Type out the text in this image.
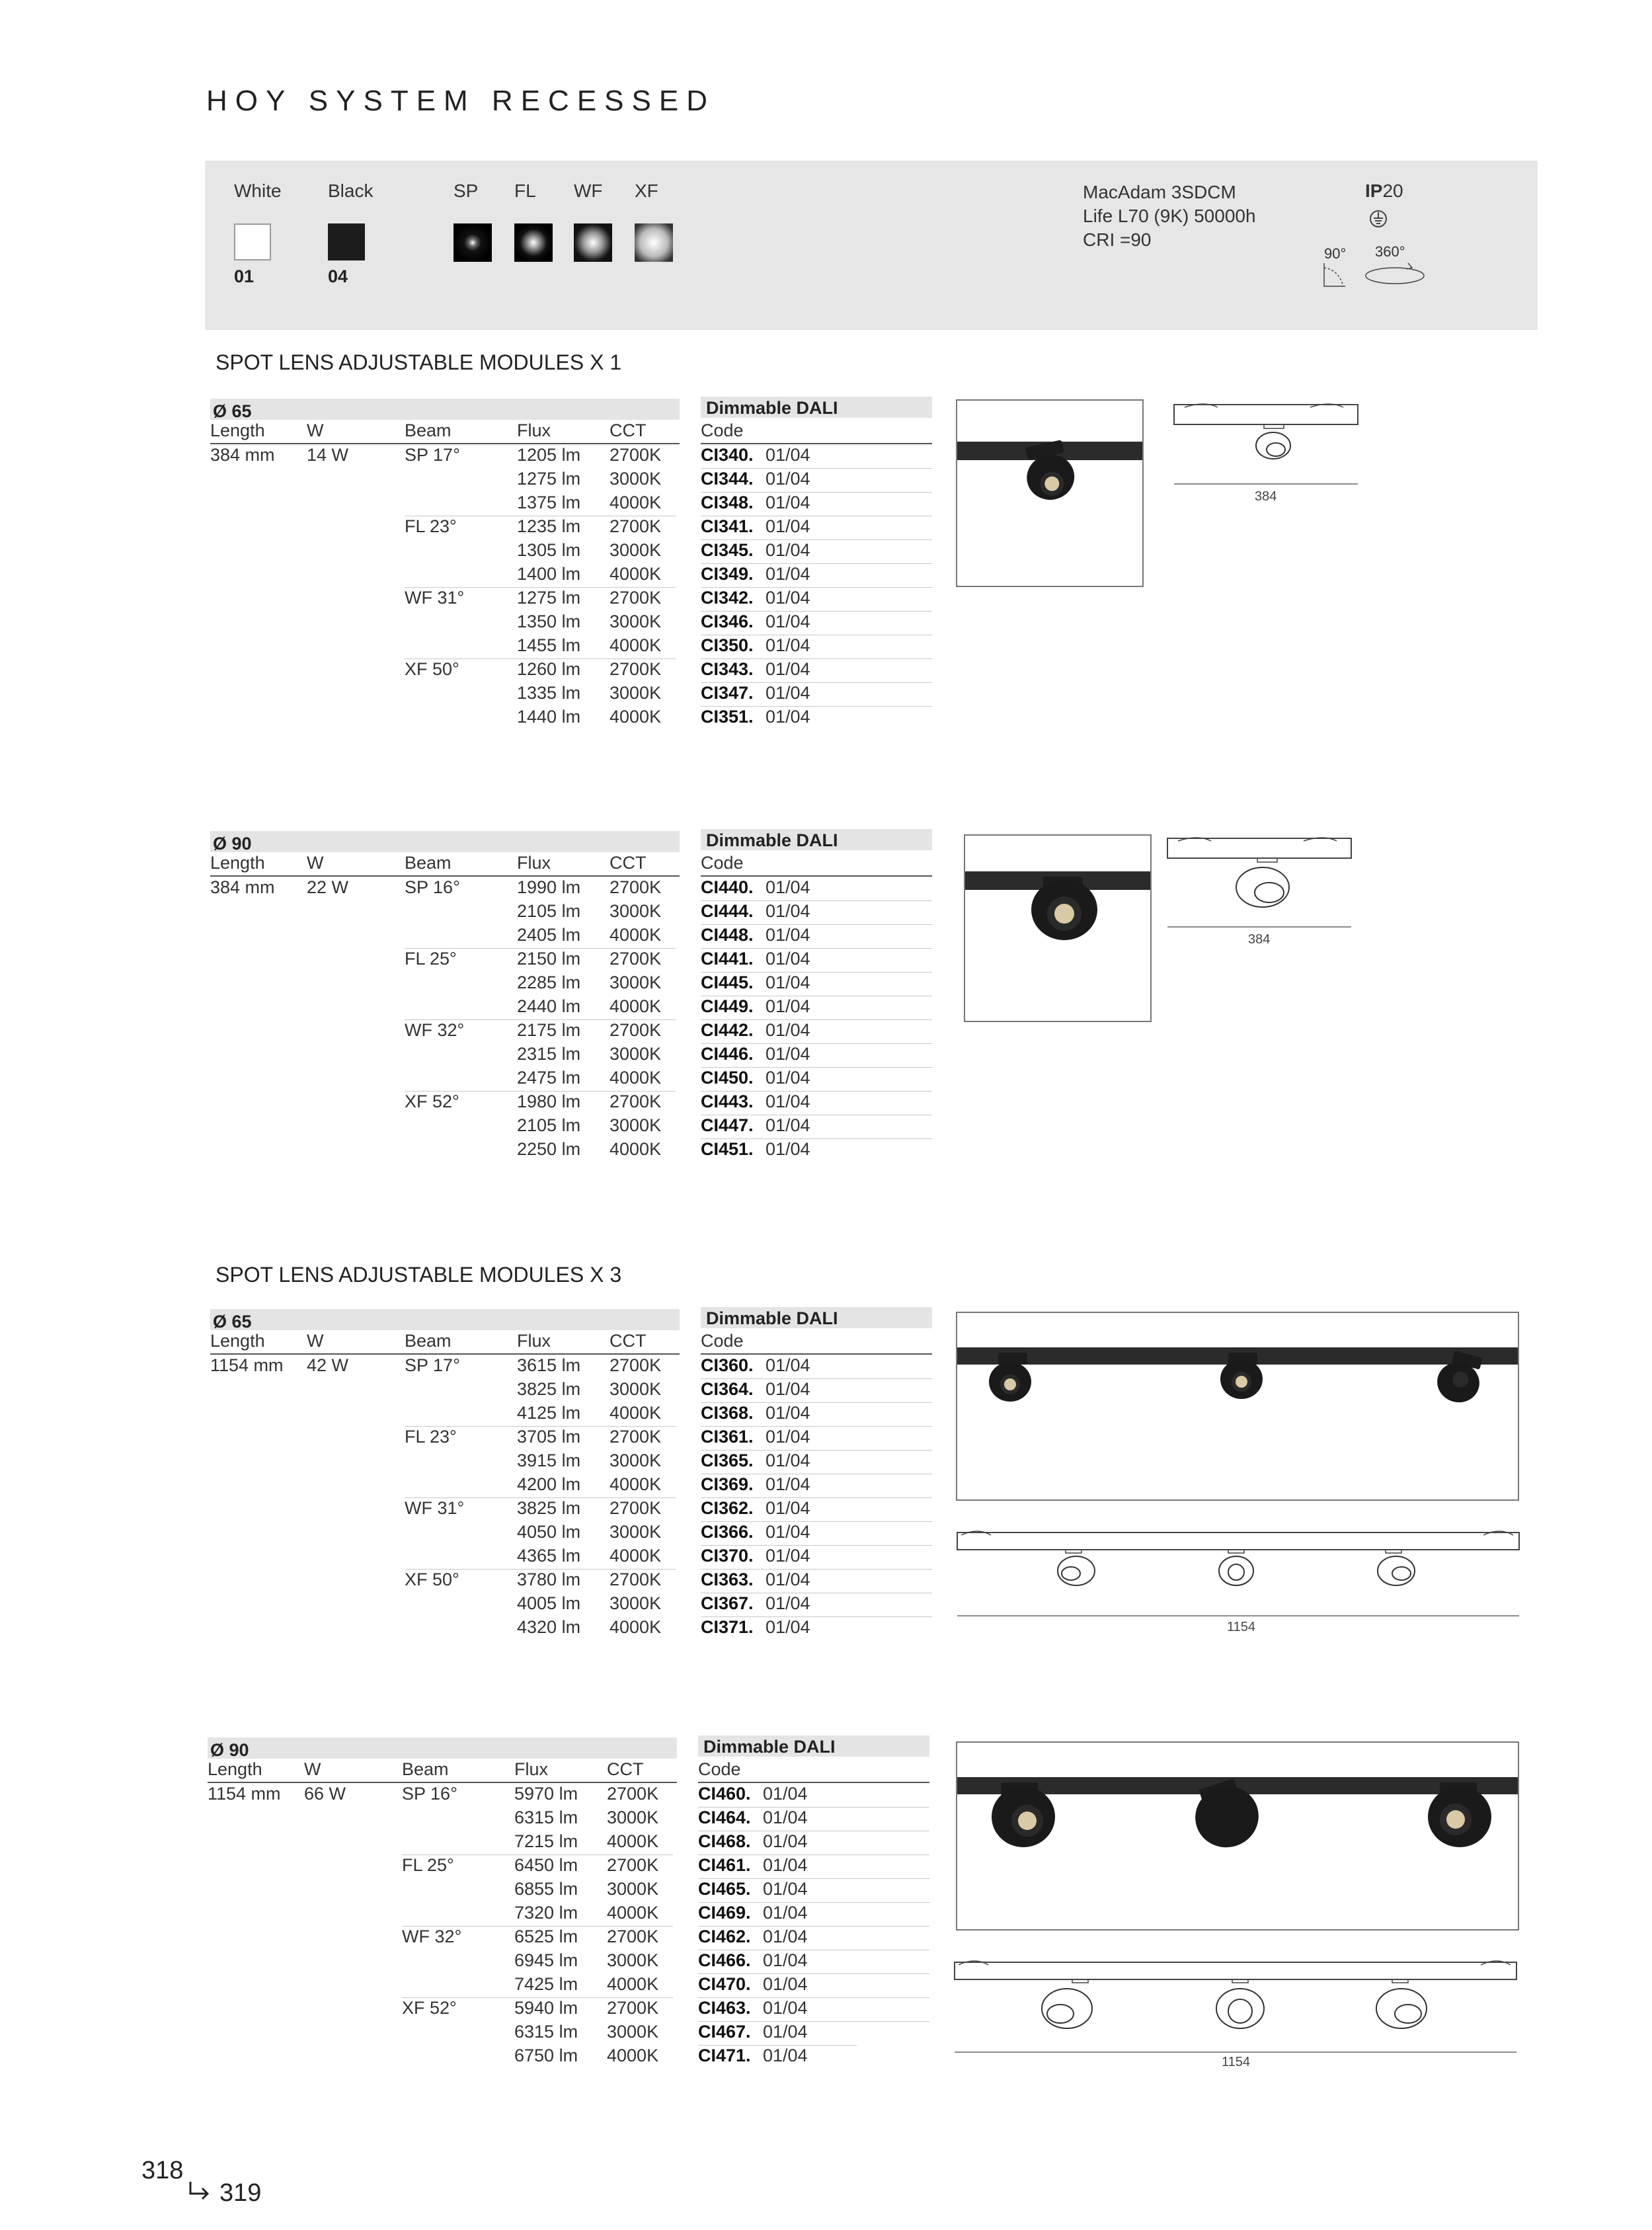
HOY SYSTEM RECESSED
White	Black
01	04
SP FL WF XF	MacAdam 3SDCM
Life L70 (9K) 50000h
CRI =90
IP20
90° 360°
SPOT LENS ADJUSTABLE MODULES X 1
SPOT LENS ADJUSTABLE MODULES X 3
Ø 65	Dimmable DALI
Length W	Beam	Flux	CCT	Code
384 mm 14 W	SP 17°	1205 lm 2700K CI340. 01/04
1275 lm 3000K CI344. 01/04
1375 lm 4000K CI348. 01/04
FL 23°	1235 lm 2700K CI341. 01/04
1305 lm 3000K CI345. 01/04
1400 lm 4000K CI349. 01/04
WF 31°	1275 lm 2700K CI342. 01/04
1350 lm 3000K CI346. 01/04
1455 lm 4000K CI350. 01/04
XF 50°	1260 lm 2700K CI343. 01/04
1335 lm 3000K CI347. 01/04
1440 lm 4000K CI351. 01/04
Ø 90	Dimmable DALI
Length W	Beam	Flux	CCT	Code
384 mm 22 W	SP 16°	1990 lm 2700K CI440. 01/04
2105 lm 3000K CI444. 01/04
2405 lm 4000K CI448. 01/04
FL 25°	2150 lm 2700K CI441. 01/04
2285 lm 3000K CI445. 01/04
2440 lm 4000K CI449. 01/04
WF 32°	2175 lm 2700K CI442. 01/04
2315 lm 3000K CI446. 01/04
2475 lm 4000K CI450. 01/04
XF 52°	1980 lm 2700K CI443. 01/04
2105 lm 3000K CI447. 01/04
2250 lm 4000K CI451. 01/04
Ø 65	Dimmable DALI
Length W	Beam	Flux	CCT	Code
1154 mm 42 W	SP 17°	3615 lm 2700K CI360. 01/04
3825 lm 3000K CI364. 01/04
4125 lm 4000K CI368. 01/04
FL 23°	3705 lm 2700K CI361. 01/04
3915 lm 3000K CI365. 01/04
4200 lm 4000K CI369. 01/04
WF 31°	3825 lm 2700K CI362. 01/04
4050 lm 3000K CI366. 01/04
4365 lm 4000K CI370. 01/04
XF 50°	3780 lm 2700K CI363. 01/04
4005 lm 3000K CI367. 01/04
4320 lm 4000K CI371. 01/04
Ø 90	Dimmable DALI
Length W	Beam	Flux	CCT	Code
1154 mm 66 W	SP 16°	5970 lm 2700K CI460. 01/04
6315 lm 3000K CI464. 01/04
7215 lm 4000K CI468. 01/04
FL 25°	6450 lm 2700K CI461. 01/04
6855 lm 3000K CI465. 01/04
7320 lm 4000K CI469. 01/04
WF 32°	6525 lm 2700K CI462. 01/04
6945 lm 3000K CI466. 01/04
7425 lm 4000K CI470. 01/04
XF 52°	5940 lm 2700K CI463. 01/04
6315 lm 3000K CI467. 01/04
6750 lm 4000K CI471. 01/04
384
384
1154
1154
318
319
